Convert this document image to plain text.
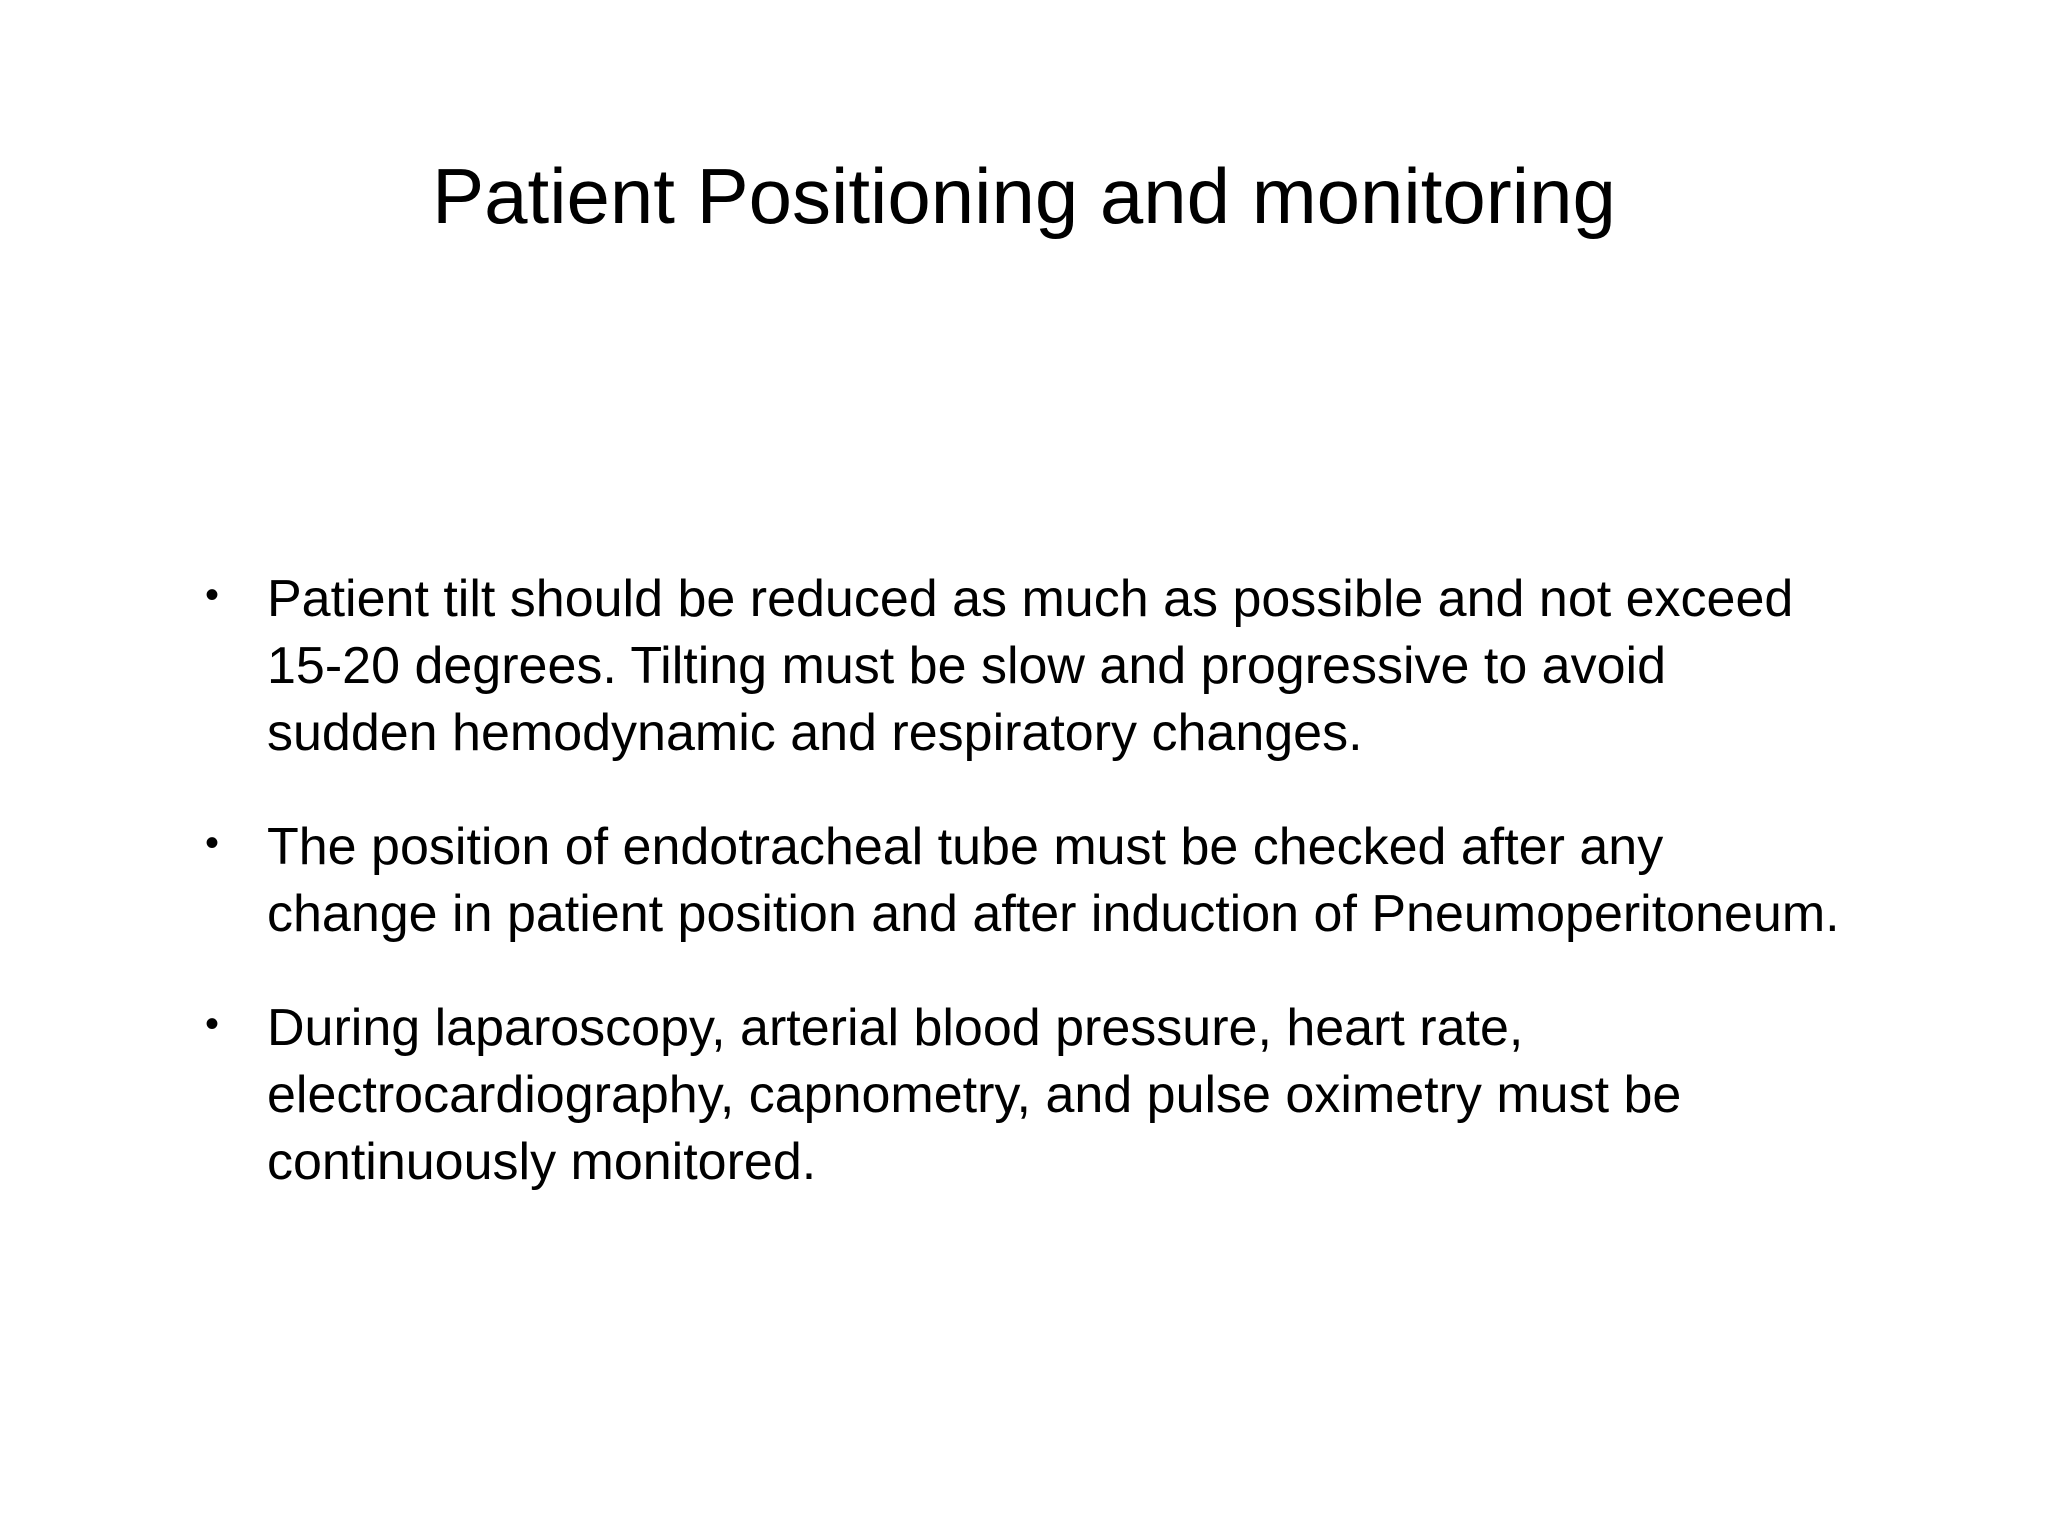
Patient Positioning and monitoring
• Patient tilt should be reduced as much as possible and not exceed 15-20 degrees. Tilting must be slow and progressive to avoid sudden hemodynamic and respiratory changes.
• The position of endotracheal tube must be checked after any change in patient position and after induction of Pneumoperitoneum.
• During laparoscopy, arterial blood pressure, heart rate, electrocardiography, capnometry, and pulse oximetry must be continuously monitored.
